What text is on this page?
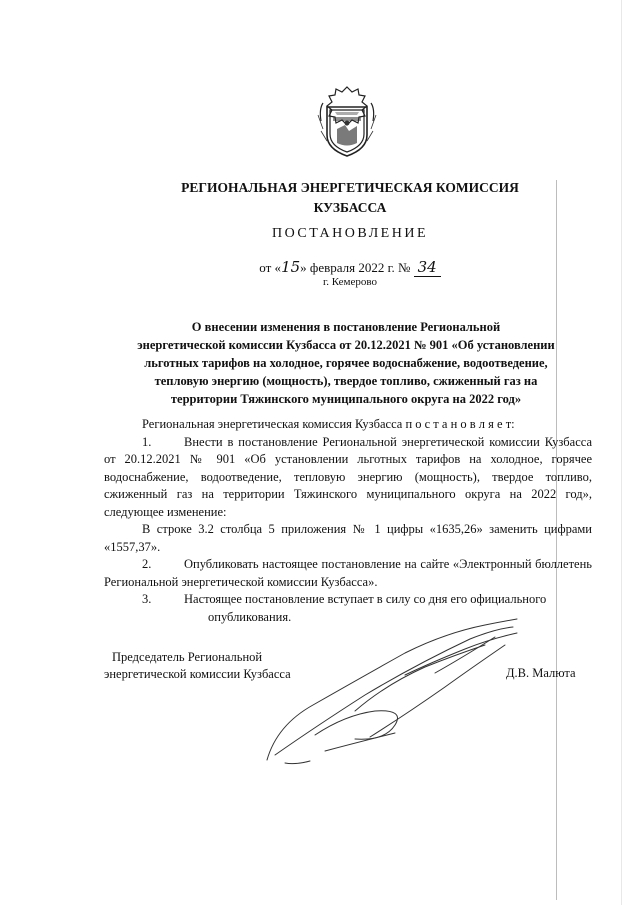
РЕГИОНАЛЬНАЯ ЭНЕРГЕТИЧЕСКАЯ КОМИССИЯ
КУЗБАССА
ПОСТАНОВЛЕНИЕ
от «15» февраля 2022 г. № 34
г. Кемерово
О внесении изменения в постановление Региональной
энергетической комиссии Кузбасса от 20.12.2021 № 901 «Об установлении
льготных тарифов на холодное, горячее водоснабжение, водоотведение,
тепловую энергию (мощность), твердое топливо, сжиженный газ на
территории Тяжинского муниципального округа на 2022 год»

Региональная энергетическая комиссия Кузбасса п о с т а н о в л я е т:

1.	Внести в постановление Региональной энергетической комиссии Кузбасса от 20.12.2021 № 901 «Об установлении льготных тарифов на холодное, горячее водоснабжение, водоотведение, тепловую энергию (мощность), твердое топливо, сжиженный газ на территории Тяжинского муниципального округа на 2022 год», следующее изменение:

В строке 3.2 столбца 5 приложения № 1 цифры «1635,26» заменить цифрами «1557,37».

2.	Опубликовать настоящее постановление на сайте «Электронный бюллетень Региональной энергетической комиссии Кузбасса».

3.	Настоящее постановление вступает в силу со дня его официального

опубликования.

Председатель Региональной
энергетической комиссии Кузбасса	Д.В. Малюта
